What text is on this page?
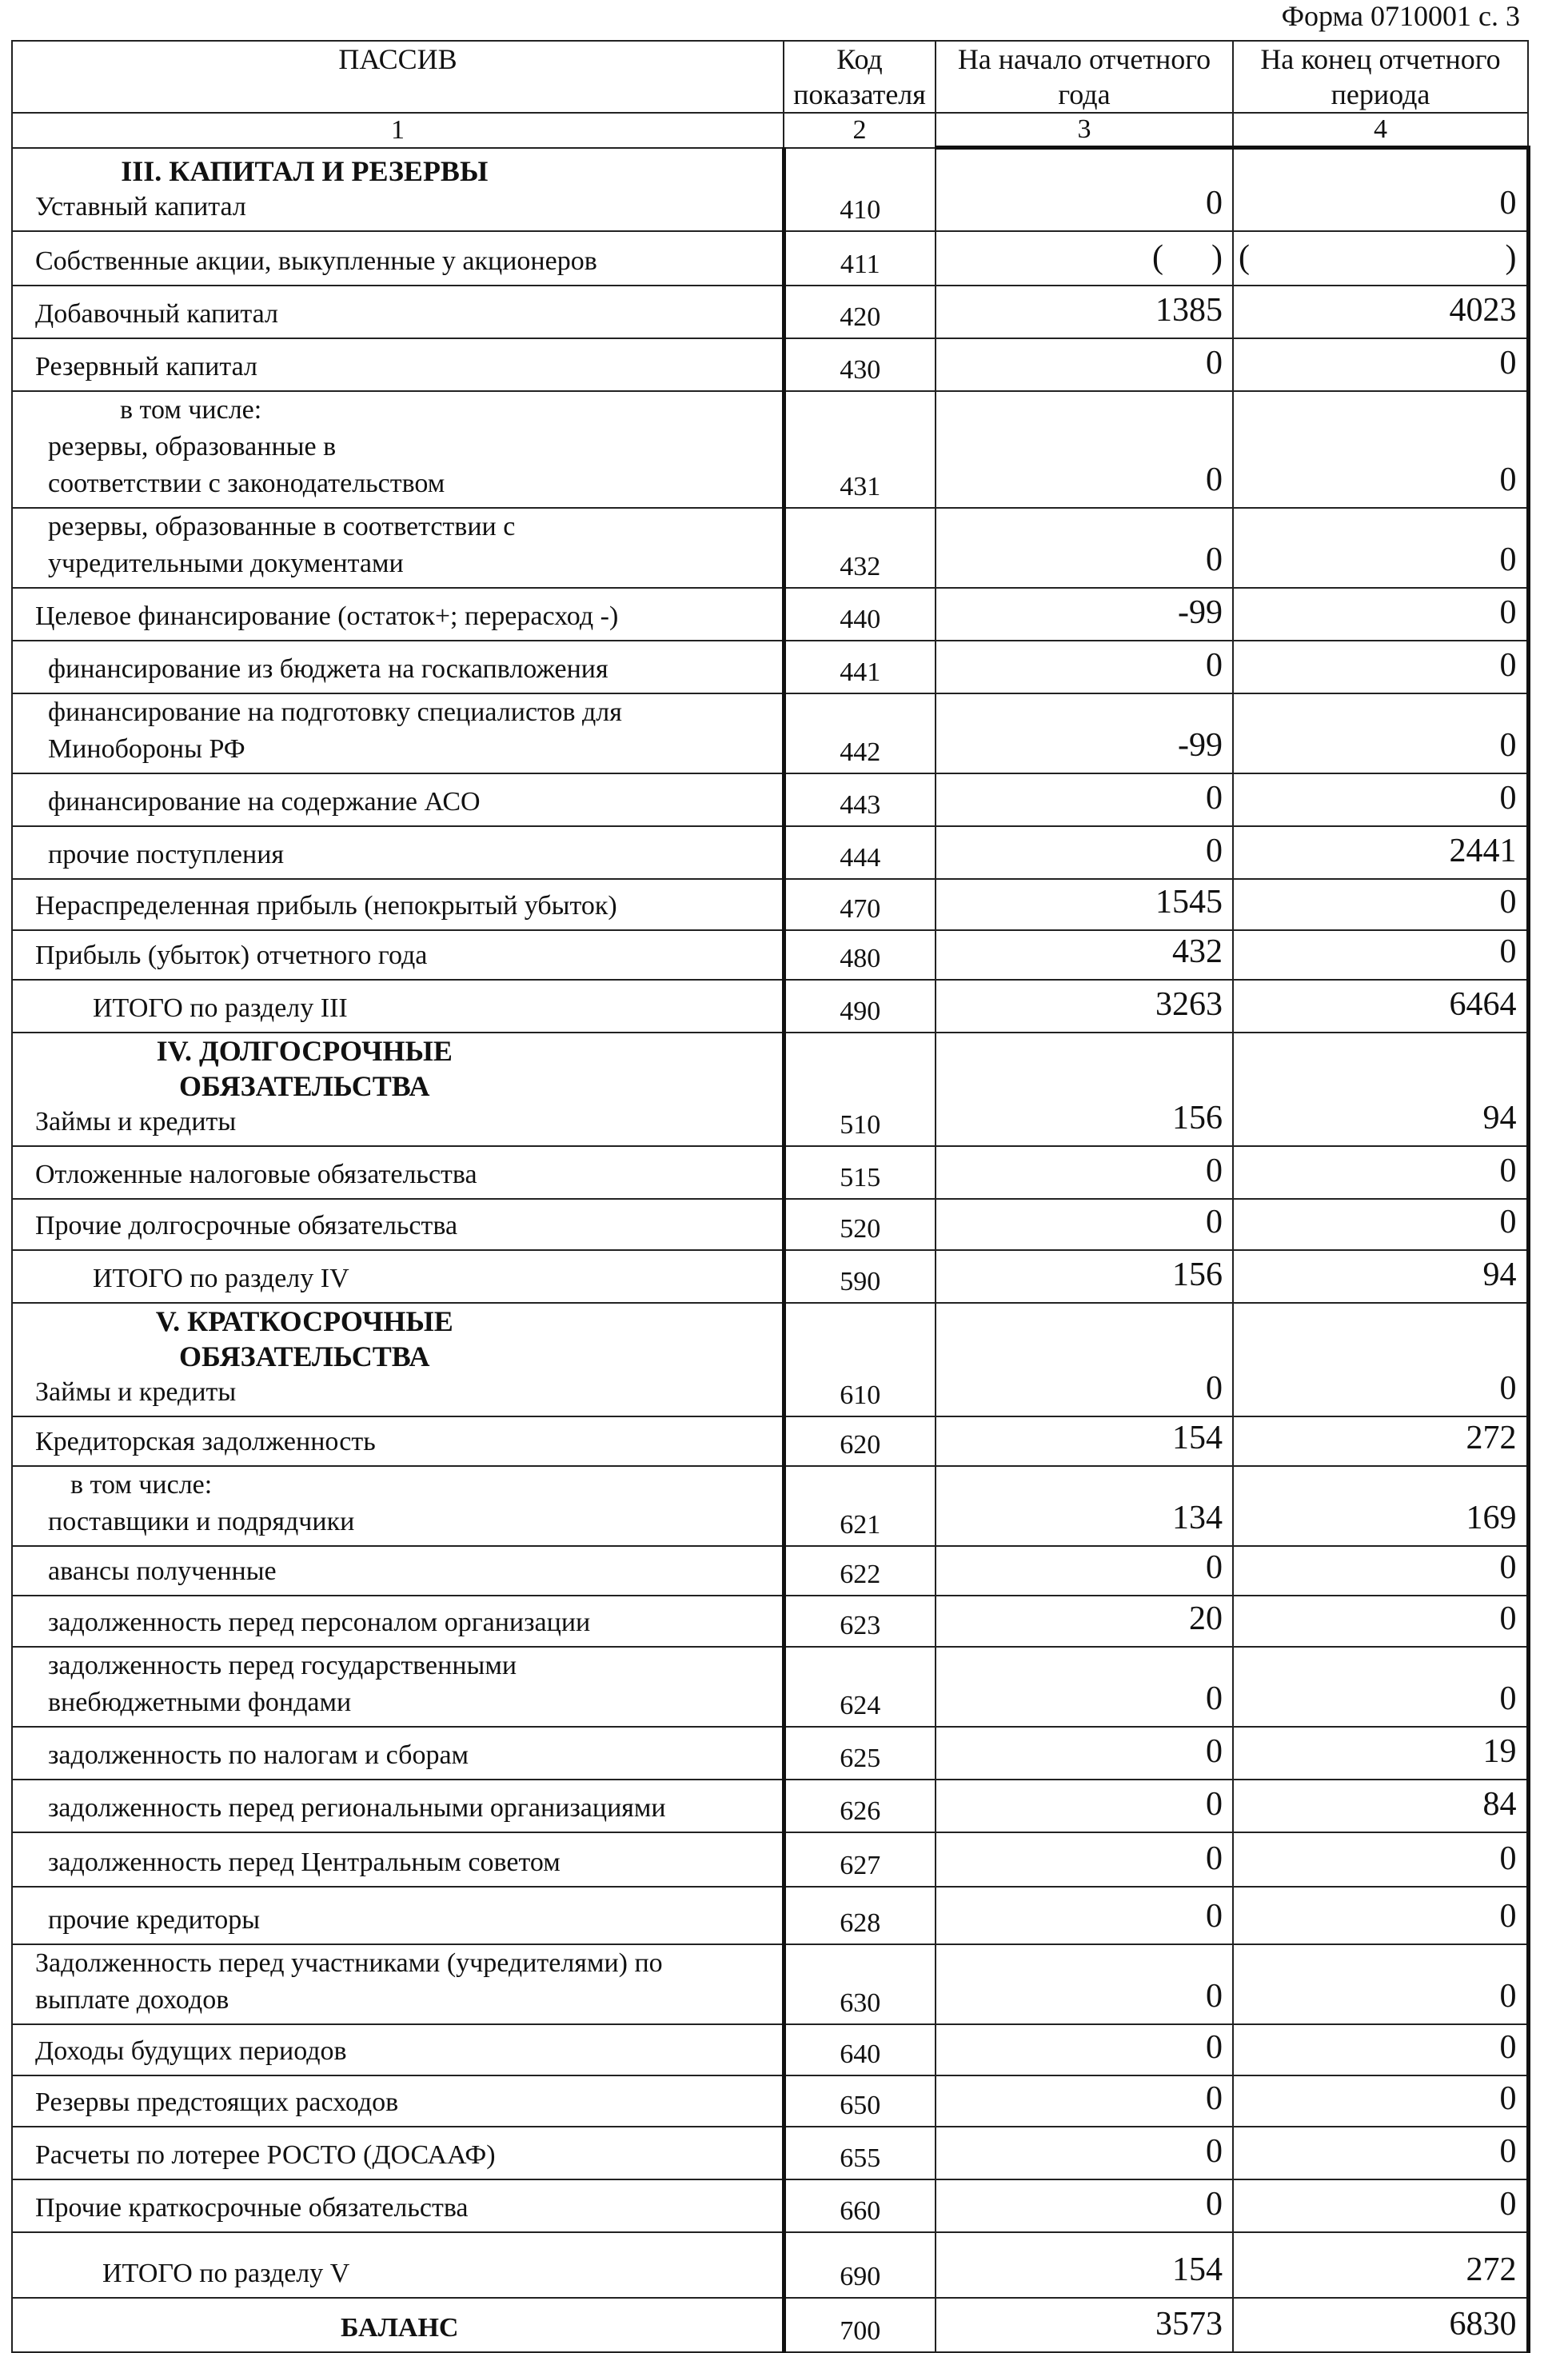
Форма 0710001 с. 3
ПАССИВ	Код показателя	На начало отчетного года	На конец отчетного периода
1	2	3	4

III. КАПИТАЛ И РЕЗЕРВЫ
Уставный капитал	410	0	0
Собственные акции, выкупленные у акционеров	411	( )	( )
Добавочный капитал	420	1385	4023
Резервный капитал	430	0	0

в том числе:
резервы, образованные в соответствии с законодательством	431	0	0
резервы, образованные в соответствии с учредительными документами	432	0	0
Целевое финансирование (остаток+; перерасход -)	440	-99	0
финансирование из бюджета на госкапвложения	441	0	0
финансирование на подготовку специалистов для Минобороны РФ	442	-99	0
финансирование на содержание АСО	443	0	0
прочие поступления	444	0	2441
Нераспределенная прибыль (непокрытый убыток)	470	1545	0
Прибыль (убыток) отчетного года	480	432	0
ИТОГО по разделу III	490	3263	6464

IV. ДОЛГОСРОЧНЫЕ ОБЯЗАТЕЛЬСТВА
Займы и кредиты	510	156	94
Отложенные налоговые обязательства	515	0	0
Прочие долгосрочные обязательства	520	0	0
ИТОГО по разделу IV	590	156	94

V. КРАТКОСРОЧНЫЕ ОБЯЗАТЕЛЬСТВА
Займы и кредиты	610	0	0
Кредиторская задолженность	620	154	272

в том числе:
поставщики и подрядчики	621	134	169
авансы полученные	622	0	0
задолженность перед персоналом организации	623	20	0
задолженность перед государственными внебюджетными фондами	624	0	0
задолженность по налогам и сборам	625	0	19
задолженность перед региональными организациями	626	0	84
задолженность перед Центральным советом	627	0	0
прочие кредиторы	628	0	0
Задолженность перед участниками (учредителями) по выплате доходов	630	0	0
Доходы будущих периодов	640	0	0
Резервы предстоящих расходов	650	0	0
Расчеты по лотерее РОСТО (ДОСААФ)	655	0	0
Прочие краткосрочные обязательства	660	0	0
ИТОГО по разделу V	690	154	272
БАЛАНС	700	3573	6830
